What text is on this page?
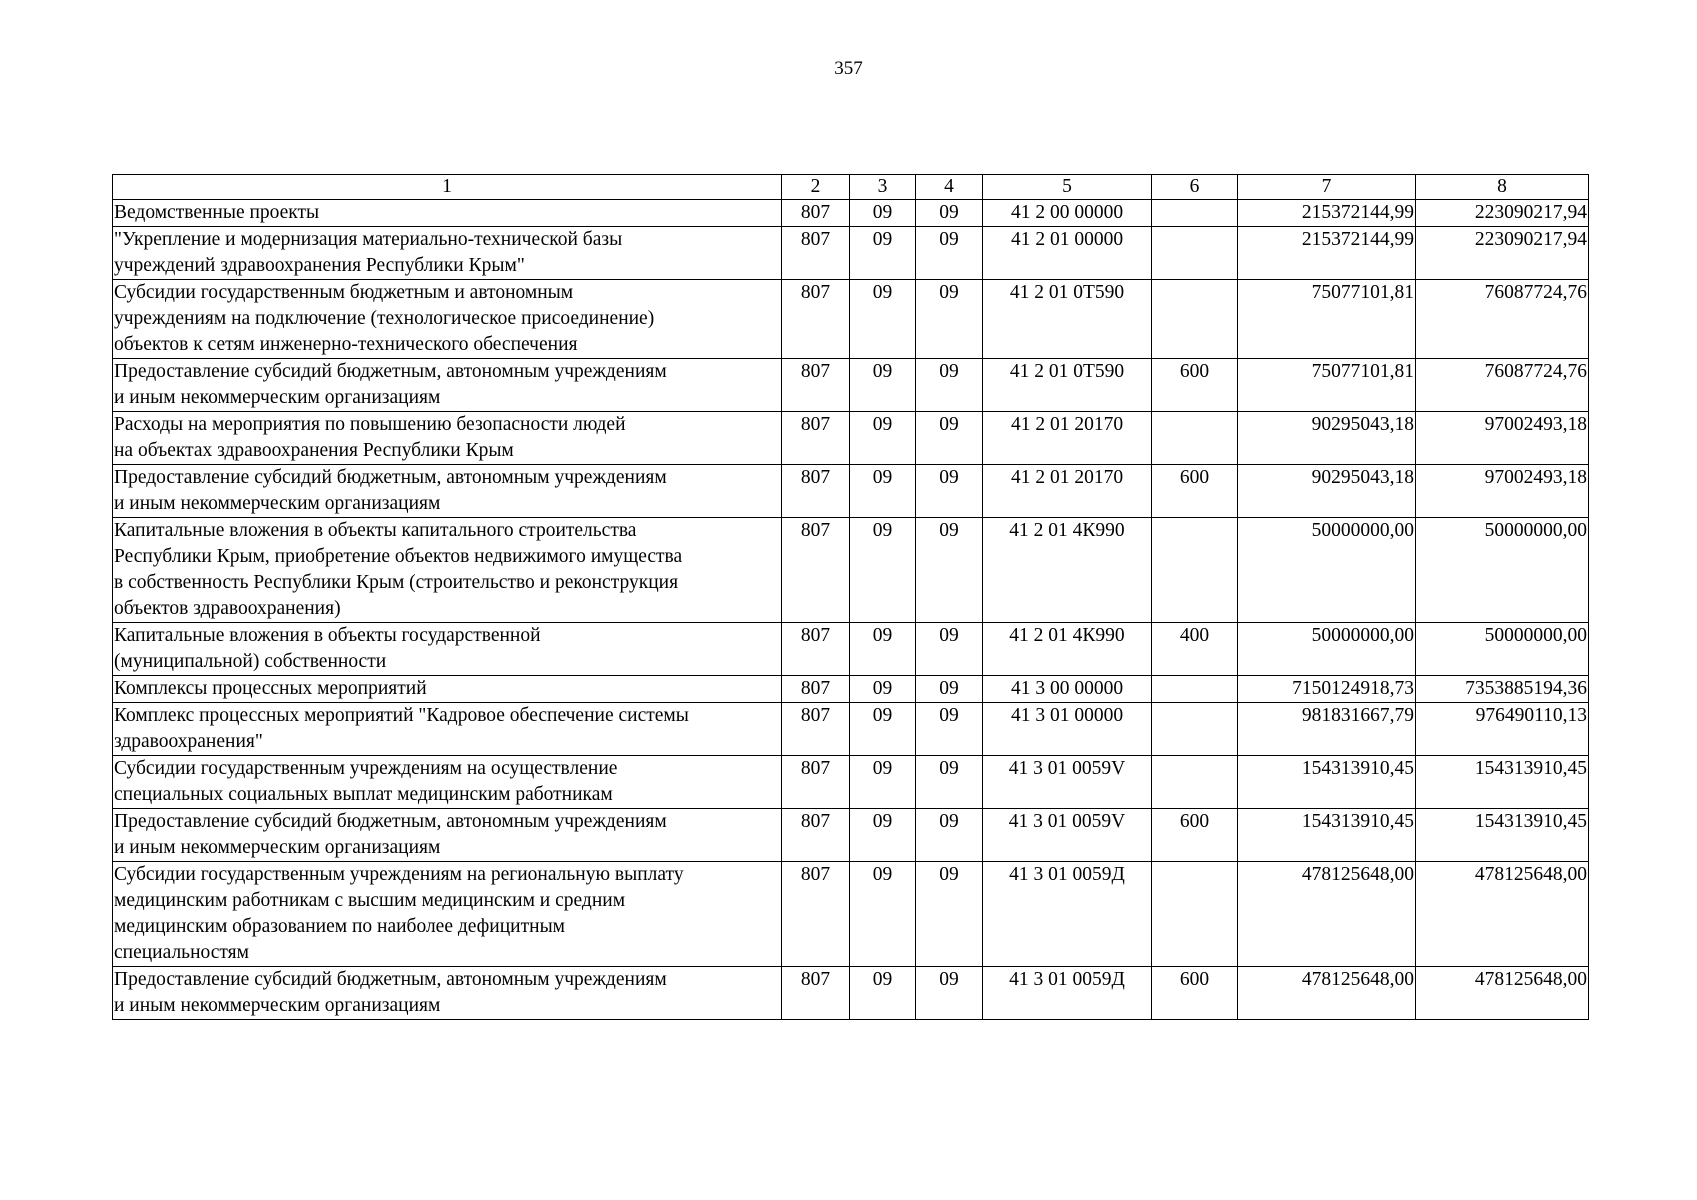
357
1	2	3	4	5	6	7	8
Ведомственные проекты	807	09	09	41 2 00 00000		215372144,99	223090217,94
"Укрепление и модернизация материально-технической базы
учреждений здравоохранения Республики Крым"	807	09	09	41 2 01 00000		215372144,99	223090217,94
Субсидии государственным бюджетным и автономным
учреждениям на подключение (технологическое присоединение)
объектов к сетям инженерно-технического обеспечения	807	09	09	41 2 01 0Т590		75077101,81	76087724,76
Предоставление субсидий бюджетным, автономным учреждениям
и иным некоммерческим организациям	807	09	09	41 2 01 0Т590	600	75077101,81	76087724,76
Расходы на мероприятия по повышению безопасности людей
на объектах здравоохранения Республики Крым	807	09	09	41 2 01 20170		90295043,18	97002493,18
Предоставление субсидий бюджетным, автономным учреждениям
и иным некоммерческим организациям	807	09	09	41 2 01 20170	600	90295043,18	97002493,18
Капитальные вложения в объекты капитального строительства
Республики Крым, приобретение объектов недвижимого имущества
в собственность Республики Крым (строительство и реконструкция
объектов здравоохранения)	807	09	09	41 2 01 4К990		50000000,00	50000000,00
Капитальные вложения в объекты государственной
(муниципальной) собственности	807	09	09	41 2 01 4К990	400	50000000,00	50000000,00
Комплексы процессных мероприятий	807	09	09	41 3 00 00000		7150124918,73	7353885194,36
Комплекс процессных мероприятий "Кадровое обеспечение системы
здравоохранения"	807	09	09	41 3 01 00000		981831667,79	976490110,13
Субсидии государственным учреждениям на осуществление
специальных социальных выплат медицинским работникам	807	09	09	41 3 01 0059V		154313910,45	154313910,45
Предоставление субсидий бюджетным, автономным учреждениям
и иным некоммерческим организациям	807	09	09	41 3 01 0059V	600	154313910,45	154313910,45
Субсидии государственным учреждениям на региональную выплату
медицинским работникам с высшим медицинским и средним
медицинским образованием по наиболее дефицитным
специальностям	807	09	09	41 3 01 0059Д		478125648,00	478125648,00
Предоставление субсидий бюджетным, автономным учреждениям
и иным некоммерческим организациям	807	09	09	41 3 01 0059Д	600	478125648,00	478125648,00
